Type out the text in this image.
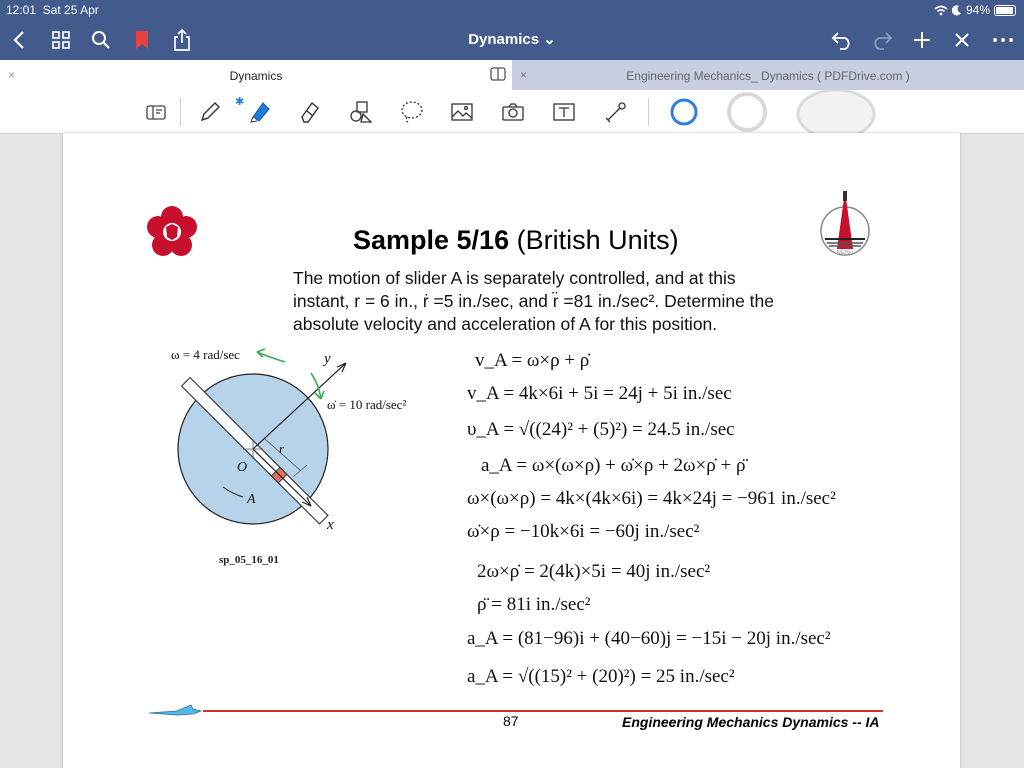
12:01 Sat 25 Apr	94%
Dynamics ⌄
×	Dynamics	×	Engineering Mechanics_ Dynamics ( PDFDrive.com )
✱
NCKU
Sample 5/16 (British Units)
The motion of slider A is separately controlled, and at this
instant, r = 6 in., ṙ =5 in./sec, and r̈ =81 in./sec². Determine the
absolute velocity and acceleration of A for this position.
ω = 4 rad/sec
ω̇ = 10 rad/sec²
y
x
O
A
r
sp_05_16_01
v_A = ω×ρ + ρ̇
v_A = 4k×6i + 5i = 24j + 5i in./sec
υ_A = √((24)² + (5)²) = 24.5 in./sec
a_A = ω×(ω×ρ) + ω̇×ρ + 2ω×ρ̇ + ρ̈
ω×(ω×ρ) = 4k×(4k×6i) = 4k×24j = −961 in./sec²
ω̇×ρ = −10k×6i = −60j in./sec²
2ω×ρ̇ = 2(4k)×5i = 40j in./sec²
ρ̈ = 81i in./sec²
a_A = (81−96)i + (40−60)j = −15i − 20j in./sec²
a_A = √((15)² + (20)²) = 25 in./sec²
87	Engineering Mechanics Dynamics -- IA
